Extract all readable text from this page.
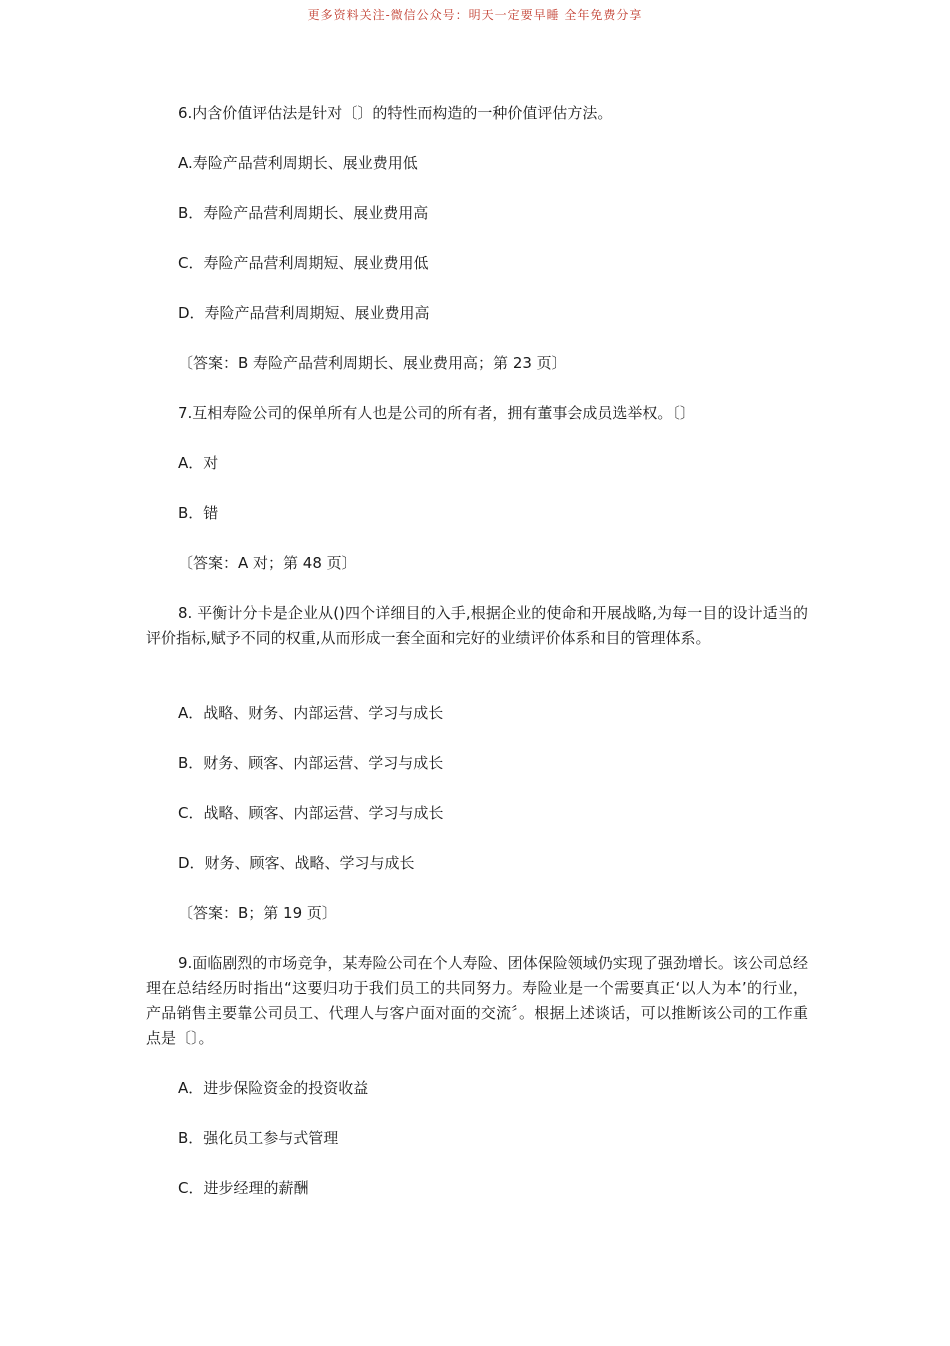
更多资料关注-微信公众号：明天一定要早睡 全年免费分享
6.内含价值评估法是针对〔〕的特性而构造的一种价值评估方法。
A.寿险产品营利周期长、展业费用低
B．寿险产品营利周期长、展业费用高
C．寿险产品营利周期短、展业费用低
D．寿险产品营利周期短、展业费用高
〔答案：B 寿险产品营利周期长、展业费用高；第 23 页〕
7.互相寿险公司的保单所有人也是公司的所有者，拥有董事会成员选举权。〔〕
A．对
B．错
〔答案：A 对；第 48 页〕
8. 平衡计分卡是企业从()四个详细目的入手,根据企业的使命和开展战略,为每一目的设计适当的评价指标,赋予不同的权重,从而形成一套全面和完好的业绩评价体系和目的管理体系。
A．战略、财务、内部运营、学习与成长
B．财务、顾客、内部运营、学习与成长
C．战略、顾客、内部运营、学习与成长
D．财务、顾客、战略、学习与成长
〔答案：B；第 19 页〕
9.面临剧烈的市场竞争，某寿险公司在个人寿险、团体保险领域仍实现了强劲增长。该公司总经理在总结经历时指出“这要归功于我们员工的共同努力。寿险业是一个需要真正‘以人为本’的行业，产品销售主要靠公司员工、代理人与客户面对面的交流〞。根据上述谈话，可以推断该公司的工作重点是〔〕。
A．进步保险资金的投资收益
B．强化员工参与式管理
C．进步经理的薪酬
